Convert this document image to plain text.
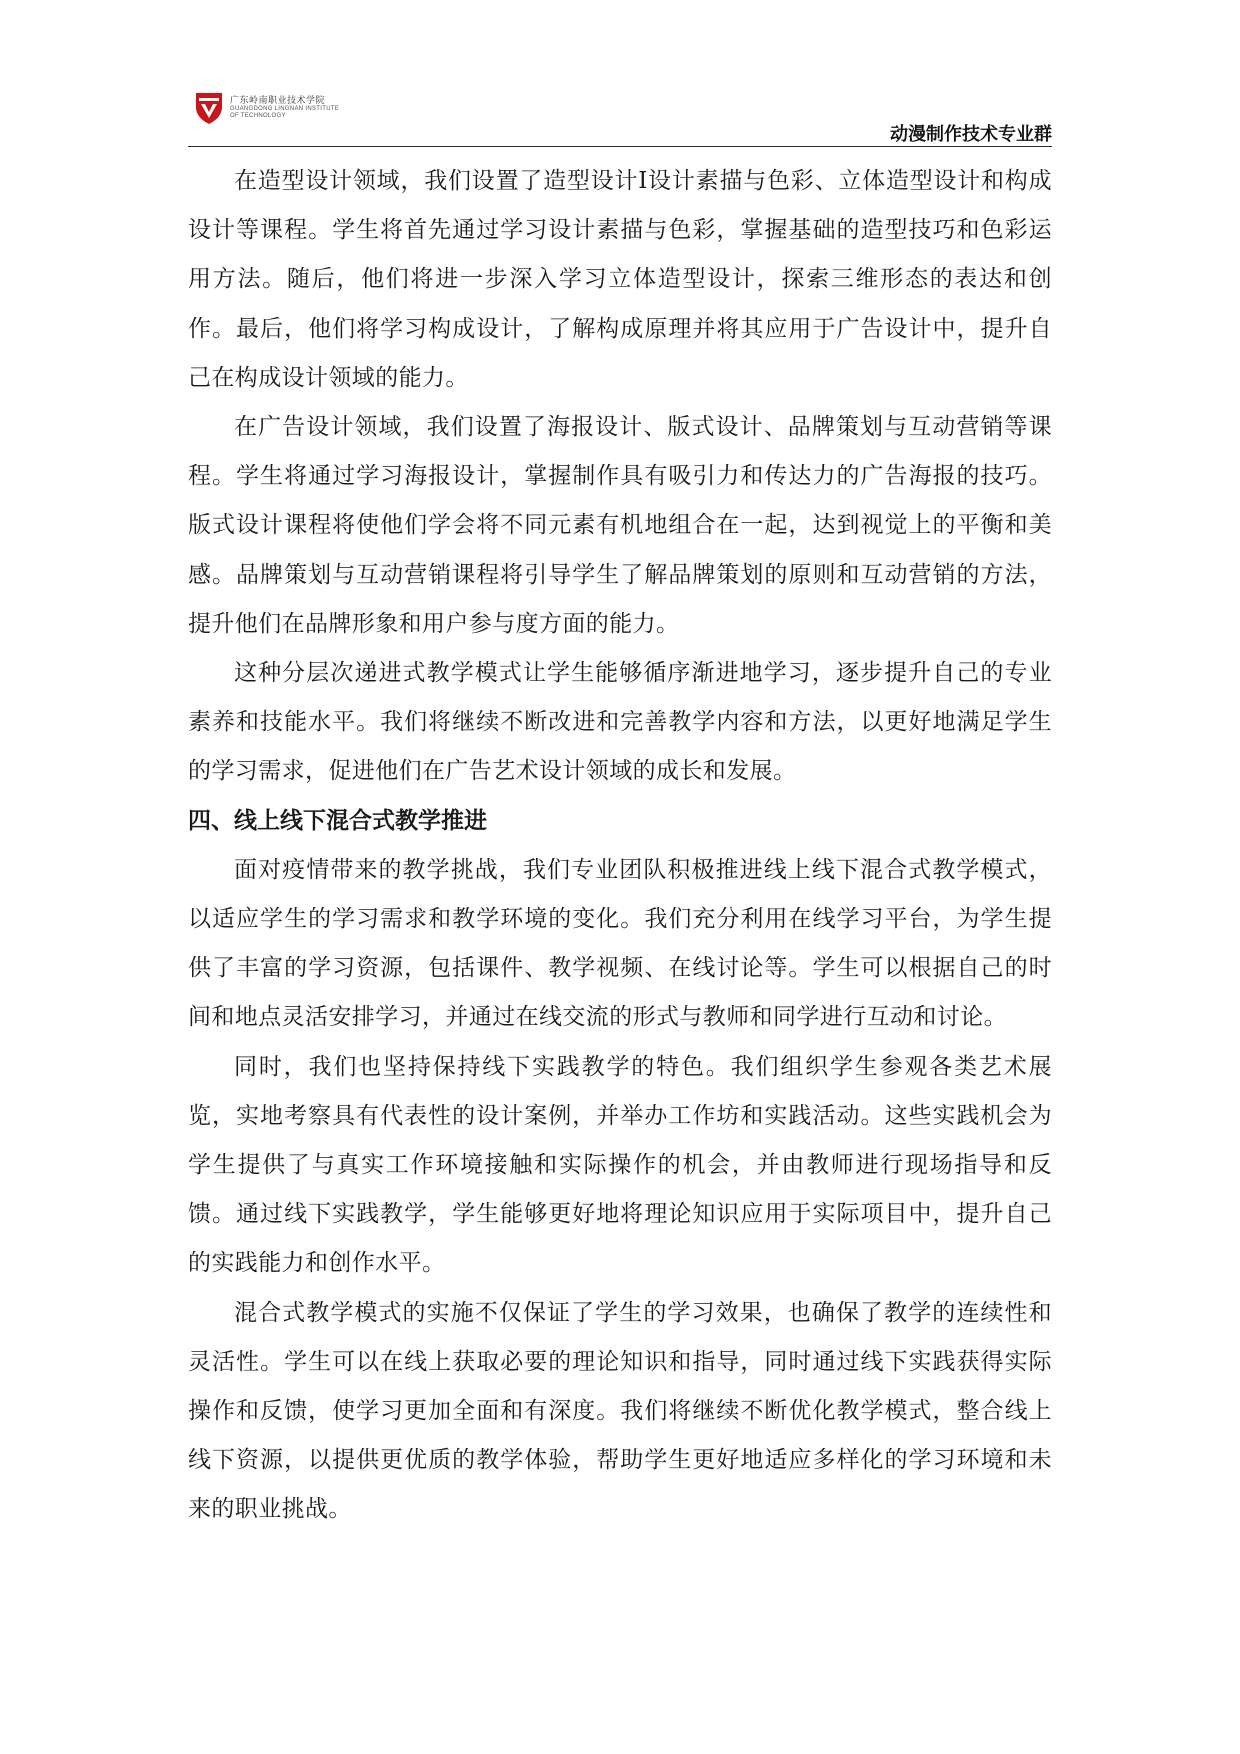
广东岭南职业技术学院
GUANGDONG LINGNAN INSTITUTE OF TECHNOLOGY
动漫制作技术专业群

在造型设计领域，我们设置了造型设计Ⅰ设计素描与色彩、立体造型设计和构成设计等课程。学生将首先通过学习设计素描与色彩，掌握基础的造型技巧和色彩运用方法。随后，他们将进一步深入学习立体造型设计，探索三维形态的表达和创作。最后，他们将学习构成设计，了解构成原理并将其应用于广告设计中，提升自己在构成设计领域的能力。

在广告设计领域，我们设置了海报设计、版式设计、品牌策划与互动营销等课程。学生将通过学习海报设计，掌握制作具有吸引力和传达力的广告海报的技巧。版式设计课程将使他们学会将不同元素有机地组合在一起，达到视觉上的平衡和美感。品牌策划与互动营销课程将引导学生了解品牌策划的原则和互动营销的方法，提升他们在品牌形象和用户参与度方面的能力。

这种分层次递进式教学模式让学生能够循序渐进地学习，逐步提升自己的专业素养和技能水平。我们将继续不断改进和完善教学内容和方法，以更好地满足学生的学习需求，促进他们在广告艺术设计领域的成长和发展。

四、线上线下混合式教学推进

面对疫情带来的教学挑战，我们专业团队积极推进线上线下混合式教学模式，以适应学生的学习需求和教学环境的变化。我们充分利用在线学习平台，为学生提供了丰富的学习资源，包括课件、教学视频、在线讨论等。学生可以根据自己的时间和地点灵活安排学习，并通过在线交流的形式与教师和同学进行互动和讨论。

同时，我们也坚持保持线下实践教学的特色。我们组织学生参观各类艺术展览，实地考察具有代表性的设计案例，并举办工作坊和实践活动。这些实践机会为学生提供了与真实工作环境接触和实际操作的机会，并由教师进行现场指导和反馈。通过线下实践教学，学生能够更好地将理论知识应用于实际项目中，提升自己的实践能力和创作水平。

混合式教学模式的实施不仅保证了学生的学习效果，也确保了教学的连续性和灵活性。学生可以在线上获取必要的理论知识和指导，同时通过线下实践获得实际操作和反馈，使学习更加全面和有深度。我们将继续不断优化教学模式，整合线上线下资源，以提供更优质的教学体验，帮助学生更好地适应多样化的学习环境和未来的职业挑战。
